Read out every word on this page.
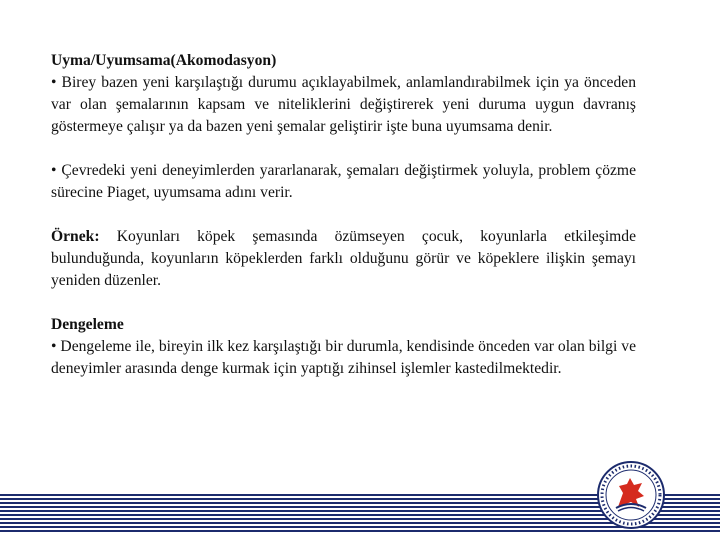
Uyma/Uyumsama(Akomodasyon)

• Birey bazen yeni karşılaştığı durumu açıklayabilmek, anlamlandırabilmek için ya önceden var olan şemalarının kapsam ve niteliklerini değiştirerek yeni duruma uygun davranış göstermeye çalışır ya da bazen yeni şemalar geliştirir işte buna uyumsama denir.

• Çevredeki yeni deneyimlerden yararlanarak, şemaları değiştirmek yoluyla, problem çözme sürecine Piaget, uyumsama adını verir.

Örnek: Koyunları köpek şemasında özümseyen çocuk, koyunlarla etkileşimde bulunduğunda, koyunların köpeklerden farklı olduğunu görür ve köpeklere ilişkin şemayı yeniden düzenler.

Dengeleme

• Dengeleme ile, bireyin ilk kez karşılaştığı bir durumla, kendisinde önceden var olan bilgi ve deneyimler arasında denge kurmak için yaptığı zihinsel işlemler kastedilmektedir.
